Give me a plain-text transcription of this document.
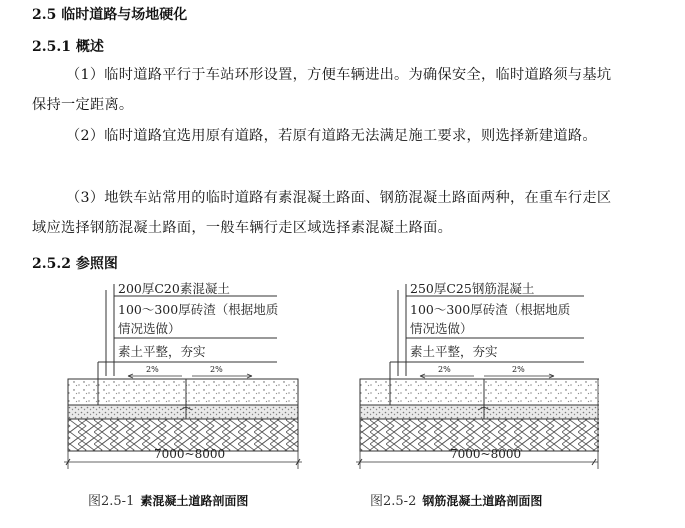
2.5 临时道路与场地硬化
2.5.1 概述

（1）临时道路平行于车站环形设置，方便车辆进出。为确保安全，临时道路须与基坑保持一定距离。

（2）临时道路宜选用原有道路，若原有道路无法满足施工要求，则选择新建道路。

（3）地铁车站常用的临时道路有素混凝土路面、钢筋混凝土路面两种，在重车行走区域应选择钢筋混凝土路面，一般车辆行走区域选择素混凝土路面。

2.5.2 参照图
200厚C20素混凝土
100～300厚砖渣（根据地质
情况选做）
素土平整，夯实
2%	2%
7000~8000
250厚C25钢筋混凝土
100～300厚砖渣（根据地质
情况选做）
素土平整，夯实
2%	2%
7000~8000
图2.5-1 素混凝土道路剖面图	图2.5-2 钢筋混凝土道路剖面图
